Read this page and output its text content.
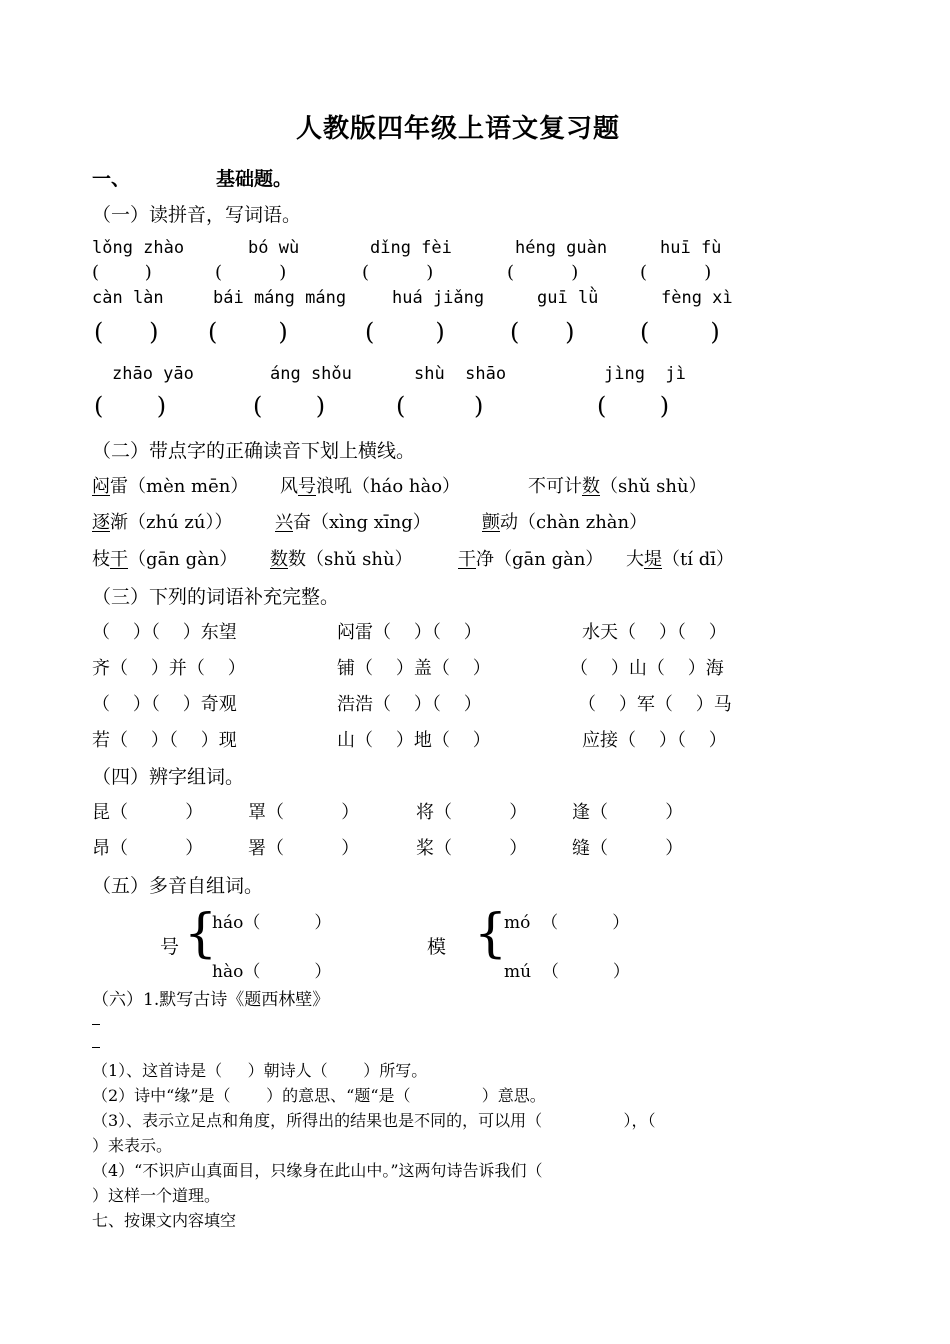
人教版四年级上语文复习题
一、	基础题。
（一）读拼音，写词语。
lǒng zhào	bó wù	dǐng fèi	héng guàn	huī fù
(        )	(          )	(          )	(          )	(          )
càn làn	bái máng máng	huá jiǎng	guī lǜ	fèng xì
(      ) (        )	(        )	(      )	(        )
zhāo yāo	áng shǒu	shù  shāo	jìng  jì
(       )	(       )	(         )	(       )
（二）带点字的正确读音下划上横线。
闷雷（mèn mēn） 风号浪吼（háo hào）	不可计数（shǔ shù）
逐渐（zhú zú）） 兴奋（xìng xīng）	颤动（chàn zhàn）
枝干（gān gàn） 数数（shǔ shù）	干净（gān gàn） 大堤（tí dī）
（三）下列的词语补充完整。
（    ）（    ）东望	闷雷（    ）（    ）	水天（    ）（    ）
齐（    ）并（    ）	铺（    ）盖（    ）	（    ）山（    ）海
（    ）（    ）奇观	浩浩（    ）（    ）	（    ）军（    ）马
若（    ）（    ）现	山（    ）地（    ）	应接（    ）（    ）
（四）辨字组词。
昆（          ） 罩（          ）	将（          ） 逢（          ）
昂（          ） 署（          ）	桨（          ） 缝（          ）
（五）多音自组词。
号 {
háo（          ）
hào（          ）
模 {
mó  （          ）
mú  （          ）
（六）1.默写古诗《题西林壁》
（1）、这首诗是（     ）朝诗人（       ）所写。
（2）诗中“缘”是（       ）的意思、“题“是（              ）意思。
（3）、表示立足点和角度，所得出的结果也是不同的，可以用（                ），（
）来表示。
（4）“不识庐山真面目，只缘身在此山中。”这两句诗告诉我们（
）这样一个道理。
七、按课文内容填空
